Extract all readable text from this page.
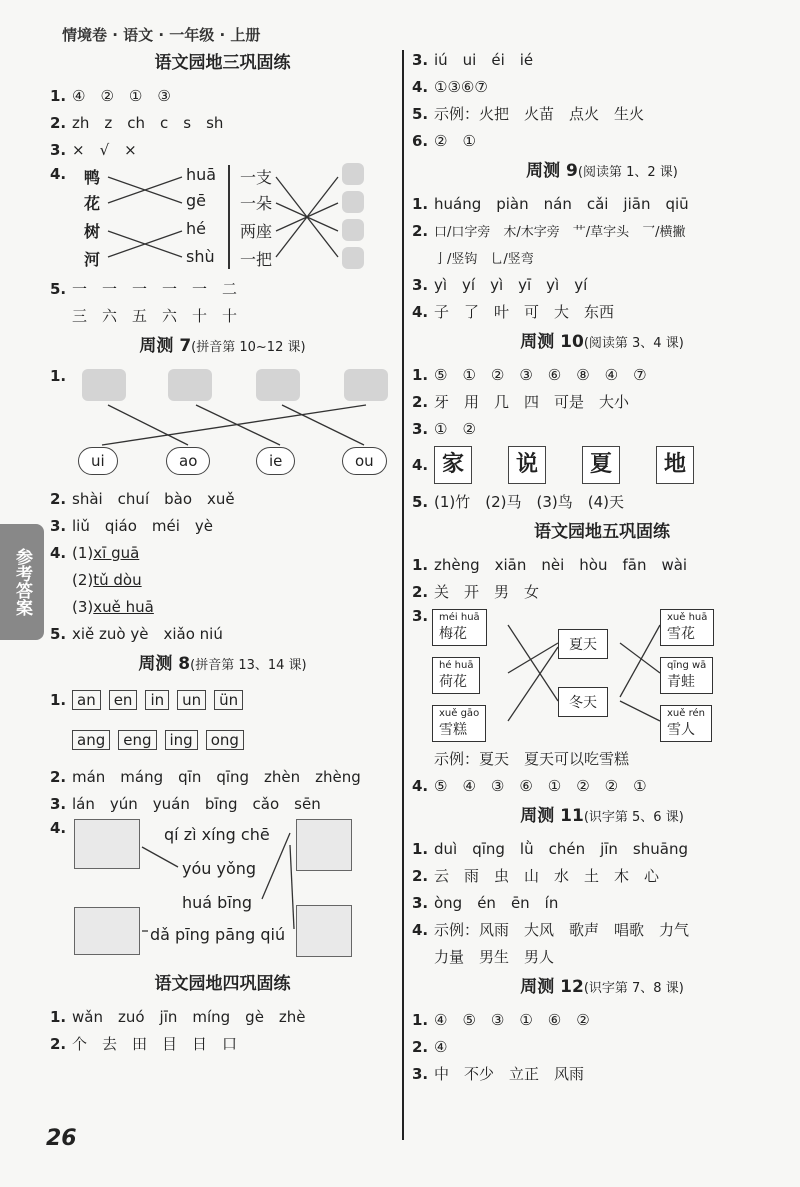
情境卷 · 语文 · 一年级 · 上册
参考答案
26
语文园地三巩固练
1. ④　②　①　③
2. zh　z　ch　c　s　sh
3. ×　√　×
4.	鸭
花
树
河
huā
gē
hé
shù
一支
一朵
两座
一把
5. 一　一　一　一　一　二
三　六　五　六　十　十
周测 7(拼音第 10~12 课)
1.
ui	ao	ie	ou
2. shài　chuí　bào　xuě
3. liǔ　qiáo　méi　yè
4. (1) xī guā
(2) tǔ dòu
(3) xuě huā
5. xiě zuò yè　xiǎo niú
周测 8(拼音第 13、14 课)
1. an	en	in	un	ün
ang	eng	ing	ong
2. mán　máng　qīn　qīng　zhèn　zhèng
3. lán　yún　yuán　bīng　cǎo　sēn
4.	qí zì xíng chē
yóu yǒng
huá bīng
dǎ pīng pāng qiú
语文园地四巩固练
1. wǎn　zuó　jīn　míng　gè　zhè
2. 个　去　田　目　日　口
3. iú　ui　éi　ié
4. ①③⑥⑦
5. 示例：火把　火苗　点火　生火
6. ②　①
周测 9(阅读第 1、2 课)
1. huáng　piàn　nán　cǎi　jiān　qiū
2. 口/口字旁　木/木字旁　艹/草字头　乛/横撇
亅/竖钩　乚/竖弯
3. yì　yí　yì　yī　yì　yí
4. 子　了　叶　可　大　东西
周测 10(阅读第 3、4 课)
1. ⑤　①　②　③　⑥　⑧　④　⑦
2. 牙　用　几　四　可是　大小
3. ①　②
4. 家	说	夏	地
5. (1)竹　(2)马　(3)鸟　(4)天
语文园地五巩固练
1. zhèng　xiān　nèi　hòu　fān　wài
2. 关　开　男　女
3.	méi huā
梅花
hé huā
荷花
xuě gāo
雪糕
夏天
冬天
xuě huā
雪花
qīng wā
青蛙
xuě rén
雪人
示例：夏天　夏天可以吃雪糕
4. ⑤　④　③　⑥　①　②　②　①
周测 11(识字第 5、6 课)
1. duì　qīng　lǜ　chén　jīn　shuāng
2. 云　雨　虫　山　水　土　木　心
3. òng　én　ēn　ín
4. 示例：风雨　大风　歌声　唱歌　力气
力量　男生　男人
周测 12(识字第 7、8 课)
1. ④　⑤　③　①　⑥　②
2. ④
3. 中　不少　立正　风雨
